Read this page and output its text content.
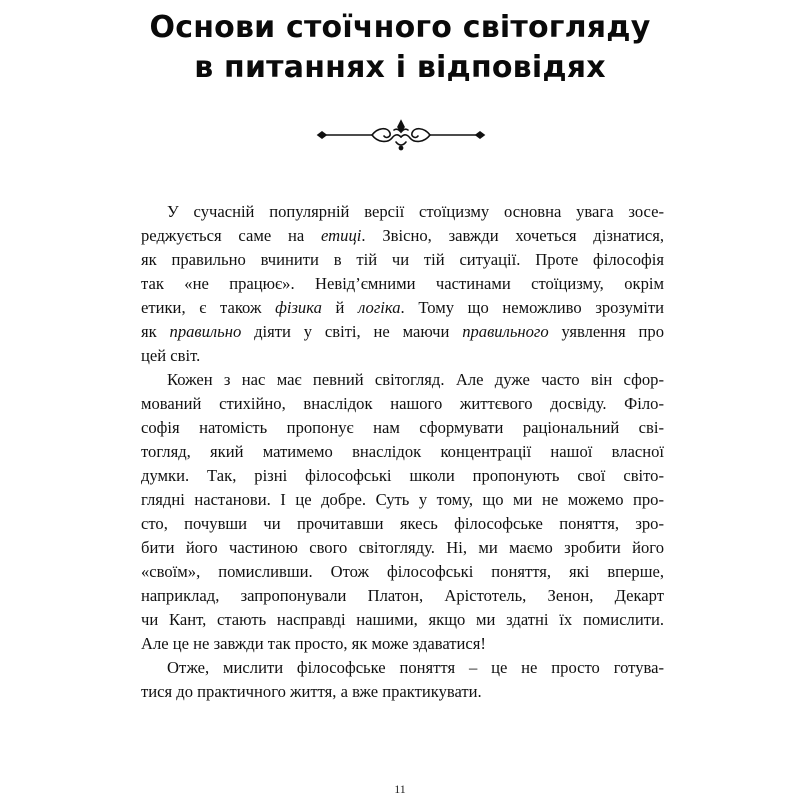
Основи стоїчного світогляду
в питаннях і відповідях
У сучасній популярній версії стоїцизму основна увага зосе-
реджується саме на етиці. Звісно, завжди хочеться дізнатися,
як правильно вчинити в тій чи тій ситуації. Проте філософія
так «не працює». Невід’ємними частинами стоїцизму, окрім
етики, є також фізика й логіка. Тому що неможливо зрозуміти
як правильно діяти у світі, не маючи правильного уявлення про
цей світ.
Кожен з нас має певний світогляд. Але дуже часто він сфор-
мований стихійно, внаслідок нашого життєвого досвіду. Філо-
софія натомість пропонує нам сформувати раціональний сві-
тогляд, який матимемо внаслідок концентрації нашої власної
думки. Так, різні філософські школи пропонують свої світо-
глядні настанови. І це добре. Суть у тому, що ми не можемо про-
сто, почувши чи прочитавши якесь філософське поняття, зро-
бити його частиною свого світогляду. Ні, ми маємо зробити його
«своїм», помисливши. Отож філософські поняття, які вперше,
наприклад, запропонували Платон, Арістотель, Зенон, Декарт
чи Кант, стають насправді нашими, якщо ми здатні їх помислити.
Але це не завжди так просто, як може здаватися!
Отже, мислити філософське поняття – це не просто готува-
тися до практичного життя, а вже практикувати.
11
